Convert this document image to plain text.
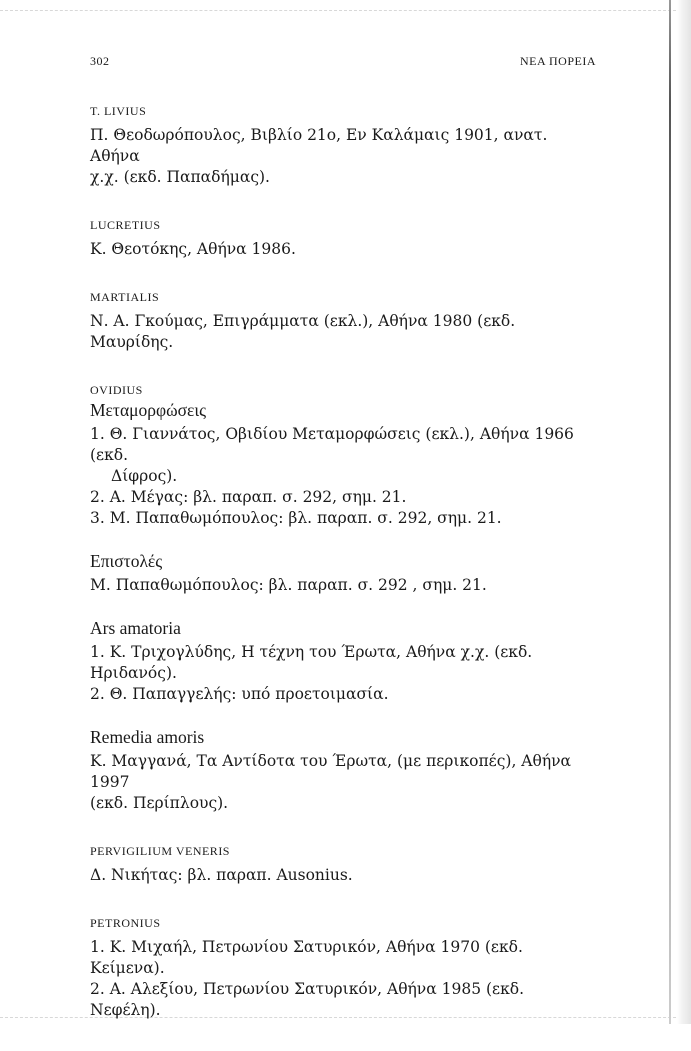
302	ΝΕΑ ΠΟΡΕΙΑ
T. LIVIUS
Π. Θεοδωρόπουλος, Βιβλίο 21ο, Εν Καλάμαις 1901, ανατ. Αθήνα
χ.χ. (εκδ. Παπαδήμας).
LUCRETIUS
Κ. Θεοτόκης, Αθήνα 1986.
MARTIALIS
Ν. Α. Γκούμας, Επιγράμματα (εκλ.), Αθήνα 1980 (εκδ. Μαυρίδης.
OVIDIUS
Μεταμορφώσεις
1. Θ. Γιαννάτος, Οβιδίου Μεταμορφώσεις (εκλ.), Αθήνα 1966 (εκδ.
Δίφρος).
2. Α. Μέγας: βλ. παραπ. σ. 292, σημ. 21.
3. Μ. Παπαθωμόπουλος: βλ. παραπ. σ. 292, σημ. 21.
Επιστολές
Μ. Παπαθωμόπουλος: βλ. παραπ. σ. 292 , σημ. 21.
Ars amatoria
1. Κ. Τριχογλύδης, Η τέχνη του Έρωτα, Αθήνα χ.χ. (εκδ. Ηριδανός).
2. Θ. Παπαγγελής: υπό προετοιμασία.
Remedia amoris
Κ. Μαγγανά, Τα Αντίδοτα του Έρωτα, (με περικοπές), Αθήνα 1997
(εκδ. Περίπλους).
PERVIGILIUM VENERIS
Δ. Νικήτας: βλ. παραπ. Ausonius.
PETRONIUS
1. Κ. Μιχαήλ, Πετρωνίου Σατυρικόν, Αθήνα 1970 (εκδ. Κείμενα).
2. Α. Αλεξίου, Πετρωνίου Σατυρικόν, Αθήνα 1985 (εκδ. Νεφέλη).
